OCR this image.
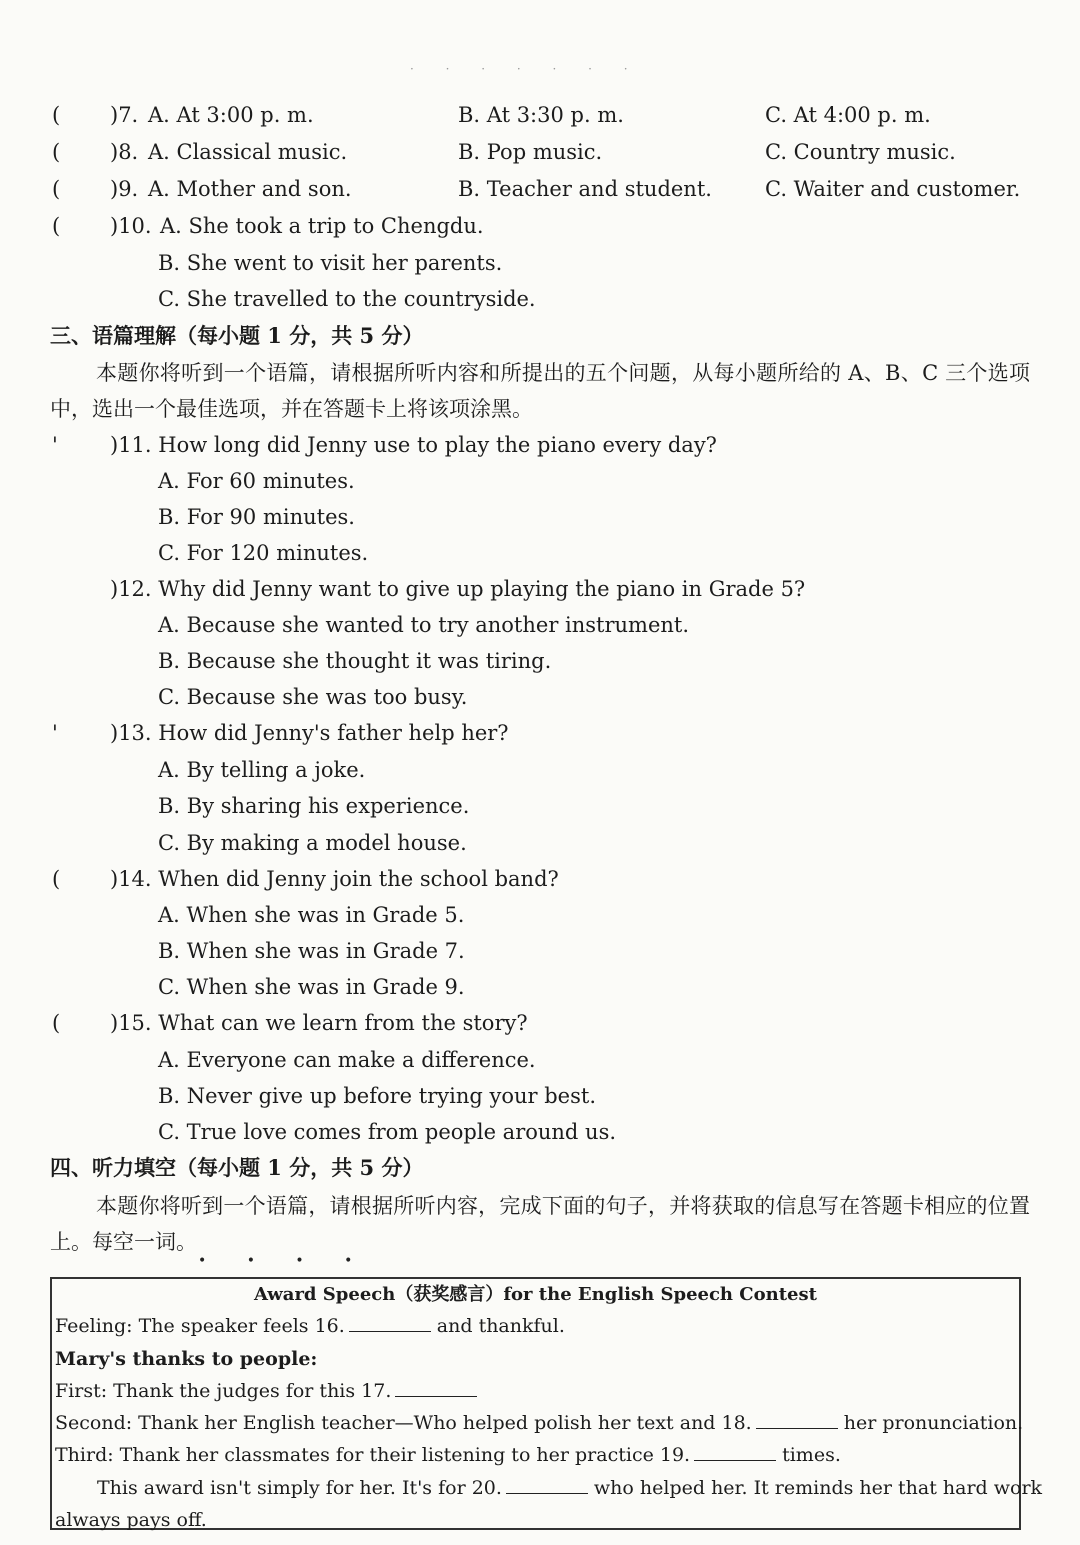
· · · · · · ·
( )7. A. At 3:00 p. m.	B. At 3:30 p. m.	C. At 4:00 p. m.
( )8. A. Classical music.	B. Pop music.	C. Country music.
( )9. A. Mother and son.	B. Teacher and student.	C. Waiter and customer.
( )10. A. She took a trip to Chengdu.
B. She went to visit her parents.
C. She travelled to the countryside.
三、语篇理解（每小题 1 分，共 5 分）
本题你将听到一个语篇，请根据所听内容和所提出的五个问题，从每小题所给的 A、B、C 三个选项中，选出一个最佳选项，并在答题卡上将该项涂黑。
' )11. How long did Jenny use to play the piano every day?
A. For 60 minutes.
B. For 90 minutes.
C. For 120 minutes.
)12. Why did Jenny want to give up playing the piano in Grade 5?
A. Because she wanted to try another instrument.
B. Because she thought it was tiring.
C. Because she was too busy.
' )13. How did Jenny's father help her?
A. By telling a joke.
B. By sharing his experience.
C. By making a model house.
( )14. When did Jenny join the school band?
A. When she was in Grade 5.
B. When she was in Grade 7.
C. When she was in Grade 9.
( )15. What can we learn from the story?
A. Everyone can make a difference.
B. Never give up before trying your best.
C. True love comes from people around us.
四、听力填空（每小题 1 分，共 5 分）
本题你将听到一个语篇，请根据所听内容，完成下面的句子，并将获取的信息写在答题卡相应的位置上。每空一词。
• • • •
Award Speech（获奖感言）for the English Speech Contest
Feeling: The speaker feels 16.	and thankful.
Mary's thanks to people:
First: Thank the judges for this 17.
Second: Thank her English teacher—Who helped polish her text and 18.	her pronunciation.
Third: Thank her classmates for their listening to her practice 19.	times.
This award isn't simply for her. It's for 20.	who helped her. It reminds her that hard work
always pays off.
